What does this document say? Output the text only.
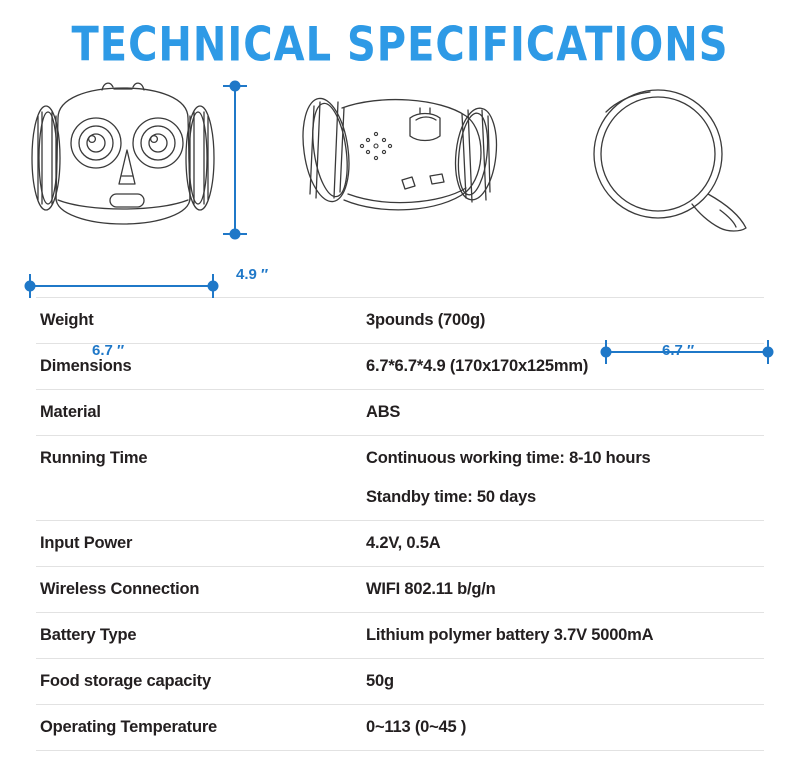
TECHNICAL SPECIFICATIONS
6.7 ″
4.9 ″
6.7 ″
Weight	3pounds (700g)
Dimensions	6.7*6.7*4.9 (170x170x125mm)
Material	ABS
Running Time	Continuous working time: 8-10 hours
Standby time: 50 days

Input Power	4.2V, 0.5A
Wireless Connection	WIFI 802.11 b/g/n
Battery Type	Lithium polymer battery 3.7V 5000mA
Food storage capacity	50g
Operating Temperature	0~113 (0~45 )
